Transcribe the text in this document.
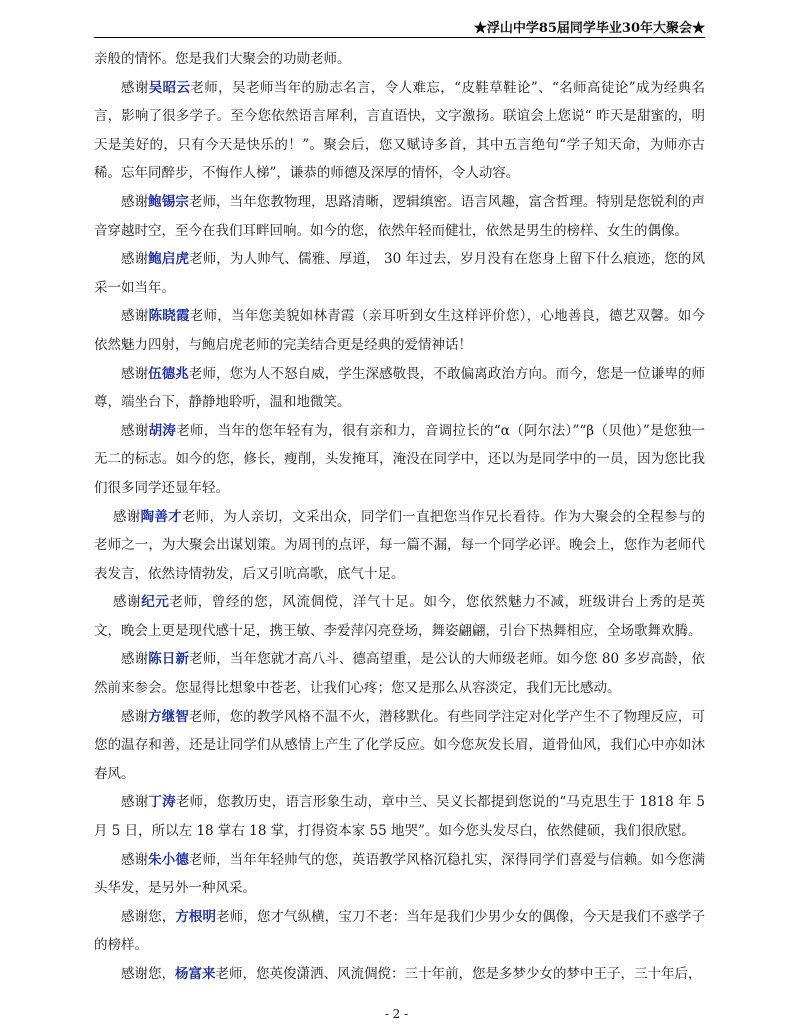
★浮山中学85届同学毕业30年大聚会★

亲般的情怀。您是我们大聚会的功勋老师。

感谢吴昭云老师，吴老师当年的励志名言，令人难忘，“皮鞋草鞋论”、“名师高徒论”成为经典名言，影响了很多学子。至今您依然语言犀利，言直语快，文字激扬。联谊会上您说“ 昨天是甜蜜的，明天是美好的，只有今天是快乐的！”。聚会后，您又赋诗多首，其中五言绝句“学子知天命，为师亦古稀。忘年同醉步，不悔作人梯”，谦恭的师德及深厚的情怀，令人动容。

感谢鲍锡宗老师，当年您教物理，思路清晰，逻辑缜密。语言风趣，富含哲理。特别是您锐利的声音穿越时空，至今在我们耳畔回响。如今的您，依然年轻而健壮，依然是男生的榜样、女生的偶像。

感谢鲍启虎老师，为人帅气、儒雅、厚道， 30 年过去，岁月没有在您身上留下什么痕迹，您的风采一如当年。

感谢陈晓霞老师，当年您美貌如林青霞（亲耳听到女生这样评价您），心地善良，德艺双馨。如今依然魅力四射，与鲍启虎老师的完美结合更是经典的爱情神话！

感谢伍德兆老师，您为人不怒自威，学生深感敬畏，不敢偏离政治方向。而今，您是一位谦卑的师尊，端坐台下，静静地聆听，温和地微笑。

感谢胡涛老师，当年的您年轻有为，很有亲和力，音调拉长的“α（阿尔法）”“β（贝他）”是您独一无二的标志。如今的您，修长，瘦削，头发掩耳，淹没在同学中，还以为是同学中的一员，因为您比我们很多同学还显年轻。

感谢陶善才老师，为人亲切，文采出众，同学们一直把您当作兄长看待。作为大聚会的全程参与的老师之一，为大聚会出谋划策。为周刊的点评，每一篇不漏，每一个同学必评。晚会上，您作为老师代表发言，依然诗情勃发，后又引吭高歌，底气十足。

感谢纪元老师，曾经的您，风流倜傥，洋气十足。如今，您依然魅力不减，班级讲台上秀的是英文，晚会上更是现代感十足，携王敏、李爱萍闪亮登场，舞姿翩翩，引台下热舞相应，全场歌舞欢腾。

感谢陈日新老师，当年您就才高八斗、德高望重，是公认的大师级老师。如今您 80 多岁高龄，依然前来参会。您显得比想象中苍老，让我们心疼；您又是那么从容淡定，我们无比感动。

感谢方继智老师，您的教学风格不温不火，潜移默化。有些同学注定对化学产生不了物理反应，可您的温存和善，还是让同学们从感情上产生了化学反应。如今您灰发长眉，道骨仙风，我们心中亦如沐春风。

感谢丁涛老师，您教历史，语言形象生动，章中兰、吴义长都提到您说的“马克思生于 1818 年 5 月 5 日，所以左 18 掌右 18 掌，打得资本家 55 地哭”。如今您头发尽白，依然健硕，我们很欣慰。

感谢朱小德老师，当年年轻帅气的您，英语教学风格沉稳扎实，深得同学们喜爱与信赖。如今您满头华发，是另外一种风采。

感谢您，方根明老师，您才气纵横，宝刀不老：当年是我们少男少女的偶像，今天是我们不惑学子的榜样。

感谢您，杨富来老师，您英俊潇洒、风流倜傥：三十年前，您是多梦少女的梦中王子，三十年后，

- 2 -
